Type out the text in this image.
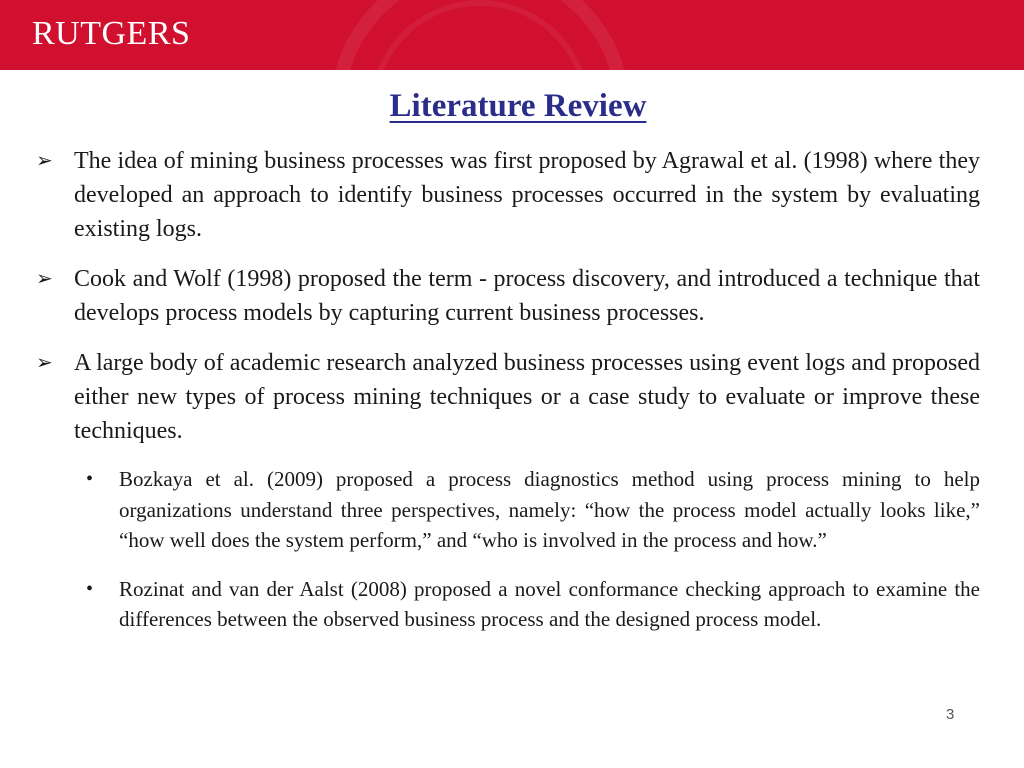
RUTGERS
Literature Review
➢ The idea of mining business processes was first proposed by Agrawal et al. (1998) where they developed an approach to identify business processes occurred in the system by evaluating existing logs.
➢ Cook and Wolf (1998) proposed the term - process discovery, and introduced a technique that develops process models by capturing current business processes.
➢ A large body of academic research analyzed business processes using event logs and proposed either new types of process mining techniques or a case study to evaluate or improve these techniques.
• Bozkaya et al. (2009) proposed a process diagnostics method using process mining to help organizations understand three perspectives, namely: “how the process model actually looks like,” “how well does the system perform,” and “who is involved in the process and how.”
• Rozinat and van der Aalst (2008) proposed a novel conformance checking approach to examine the differences between the observed business process and the designed process model.
3
